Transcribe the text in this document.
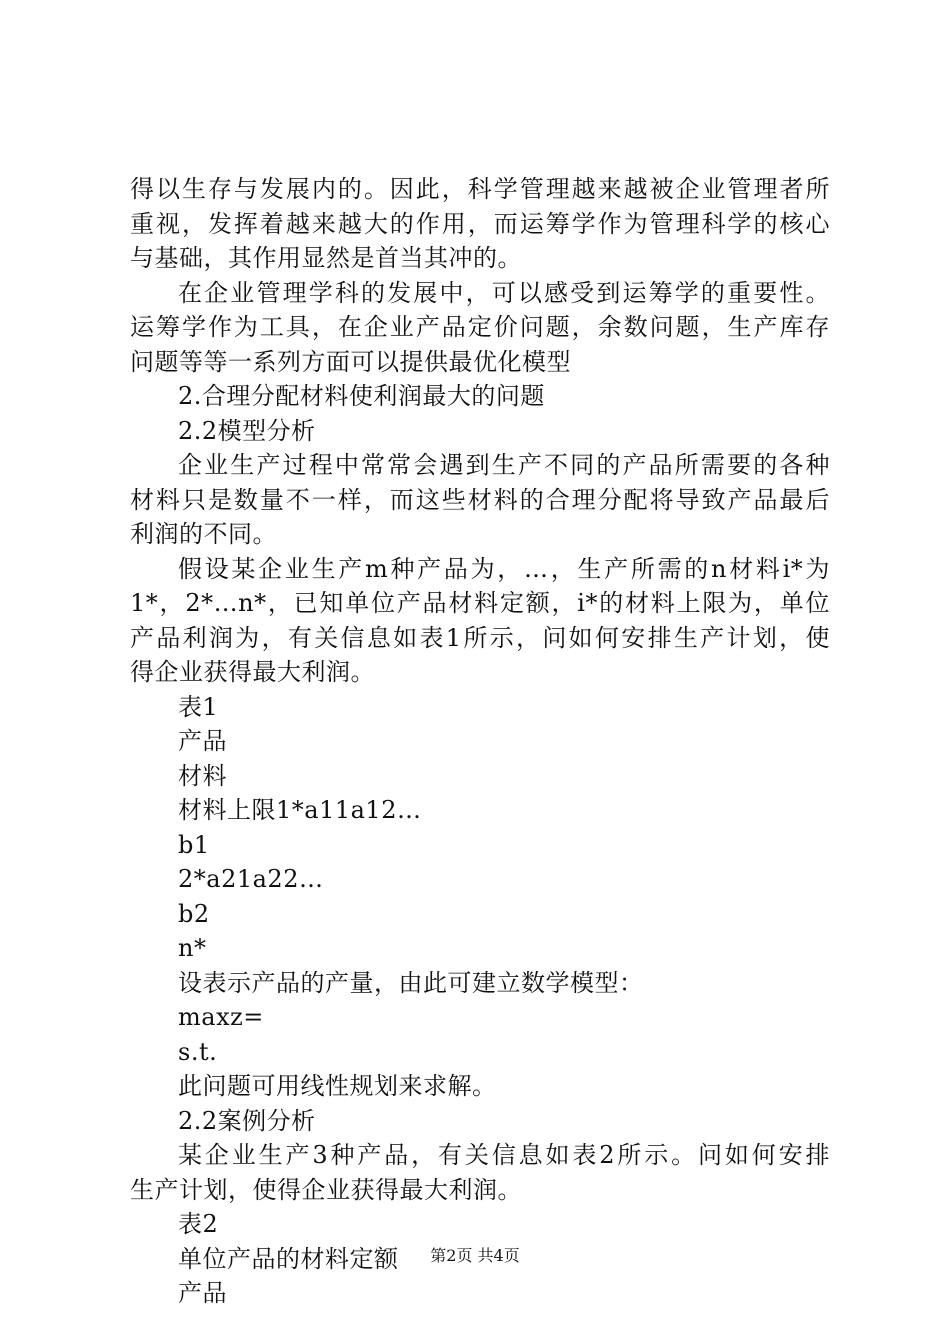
得以生存与发展内的。因此，科学管理越来越被企业管理者所
重视，发挥着越来越大的作用，而运筹学作为管理科学的核心
与基础，其作用显然是首当其冲的。
在企业管理学科的发展中，可以感受到运筹学的重要性。
运筹学作为工具，在企业产品定价问题，余数问题，生产库存
问题等等一系列方面可以提供最优化模型
2.合理分配材料使利润最大的问题
2.2模型分析
企业生产过程中常常会遇到生产不同的产品所需要的各种
材料只是数量不一样，而这些材料的合理分配将导致产品最后
利润的不同。
假设某企业生产m种产品为，…，生产所需的n材料i*为
1*，2*…n*，已知单位产品材料定额，i*的材料上限为，单位
产品利润为，有关信息如表1所示，问如何安排生产计划，使
得企业获得最大利润。
表1
产品
材料
材料上限1*a11a12…
b1
2*a21a22…
b2
n*
设表示产品的产量，由此可建立数学模型：
maxz=
s.t.
此问题可用线性规划来求解。
2.2案例分析
某企业生产3种产品，有关信息如表2所示。问如何安排
生产计划，使得企业获得最大利润。
表2
单位产品的材料定额
产品
第2页 共4页
